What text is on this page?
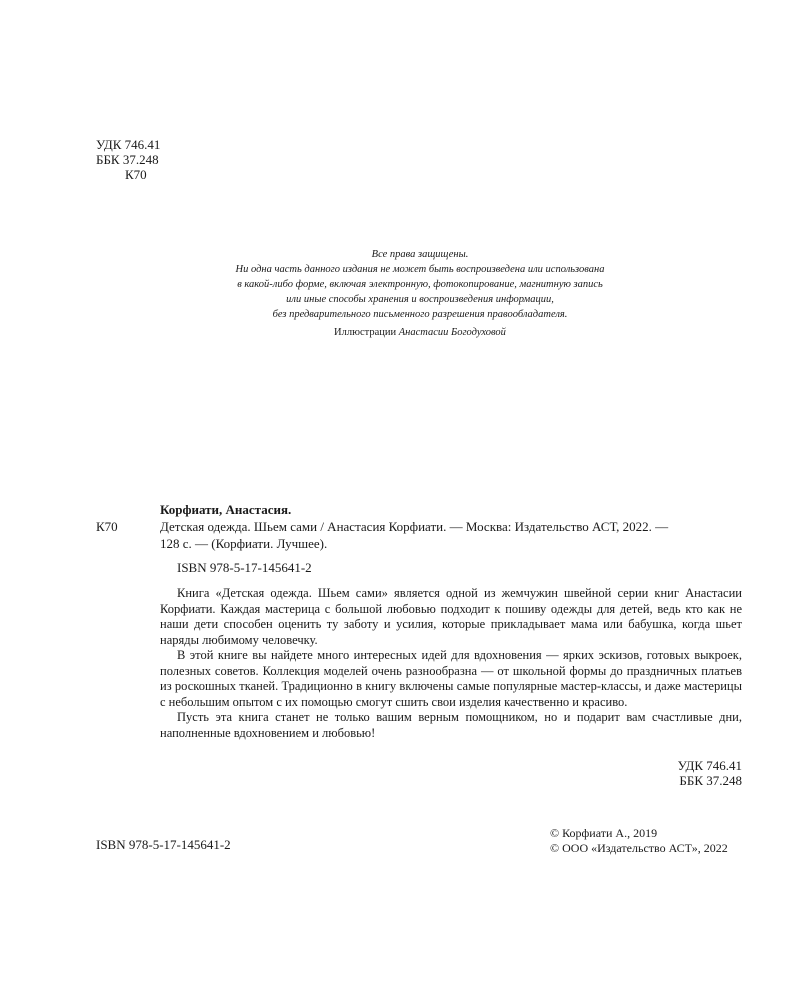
УДК 746.41
ББК 37.248
К70
Все права защищены.
Ни одна часть данного издания не может быть воспроизведена или использована
в какой-либо форме, включая электронную, фотокопирование, магнитную запись
или иные способы хранения и воспроизведения информации,
без предварительного письменного разрешения правообладателя.
Иллюстрации Анастасии Богодуховой
Корфиати, Анастасия.
К70	Детская одежда. Шьем сами / Анастасия Корфиати. — Москва: Издательство АСТ, 2022. —
128 с. — (Корфиати. Лучшее).
ISBN 978-5-17-145641-2

Книга «Детская одежда. Шьем сами» является одной из жемчужин швейной серии книг Анастасии Корфиати. Каждая мастерица с большой любовью подходит к пошиву одежды для детей, ведь кто как не наши дети способен оценить ту заботу и усилия, которые прикладывает мама или бабушка, когда шьет наряды любимому человечку.

В этой книге вы найдете много интересных идей для вдохновения — ярких эскизов, готовых выкроек, полезных советов. Коллекция моделей очень разнообразна — от школьной формы до праздничных платьев из роскошных тканей. Традиционно в книгу включены самые популярные мастер-классы, и даже мастерицы с небольшим опытом с их помощью смогут сшить свои изделия качественно и красиво.

Пусть эта книга станет не только вашим верным помощником, но и подарит вам счастливые дни, наполненные вдохновением и любовью!

УДК 746.41
ББК 37.248
ISBN 978-5-17-145641-2
© Корфиати А., 2019
© ООО «Издательство АСТ», 2022
